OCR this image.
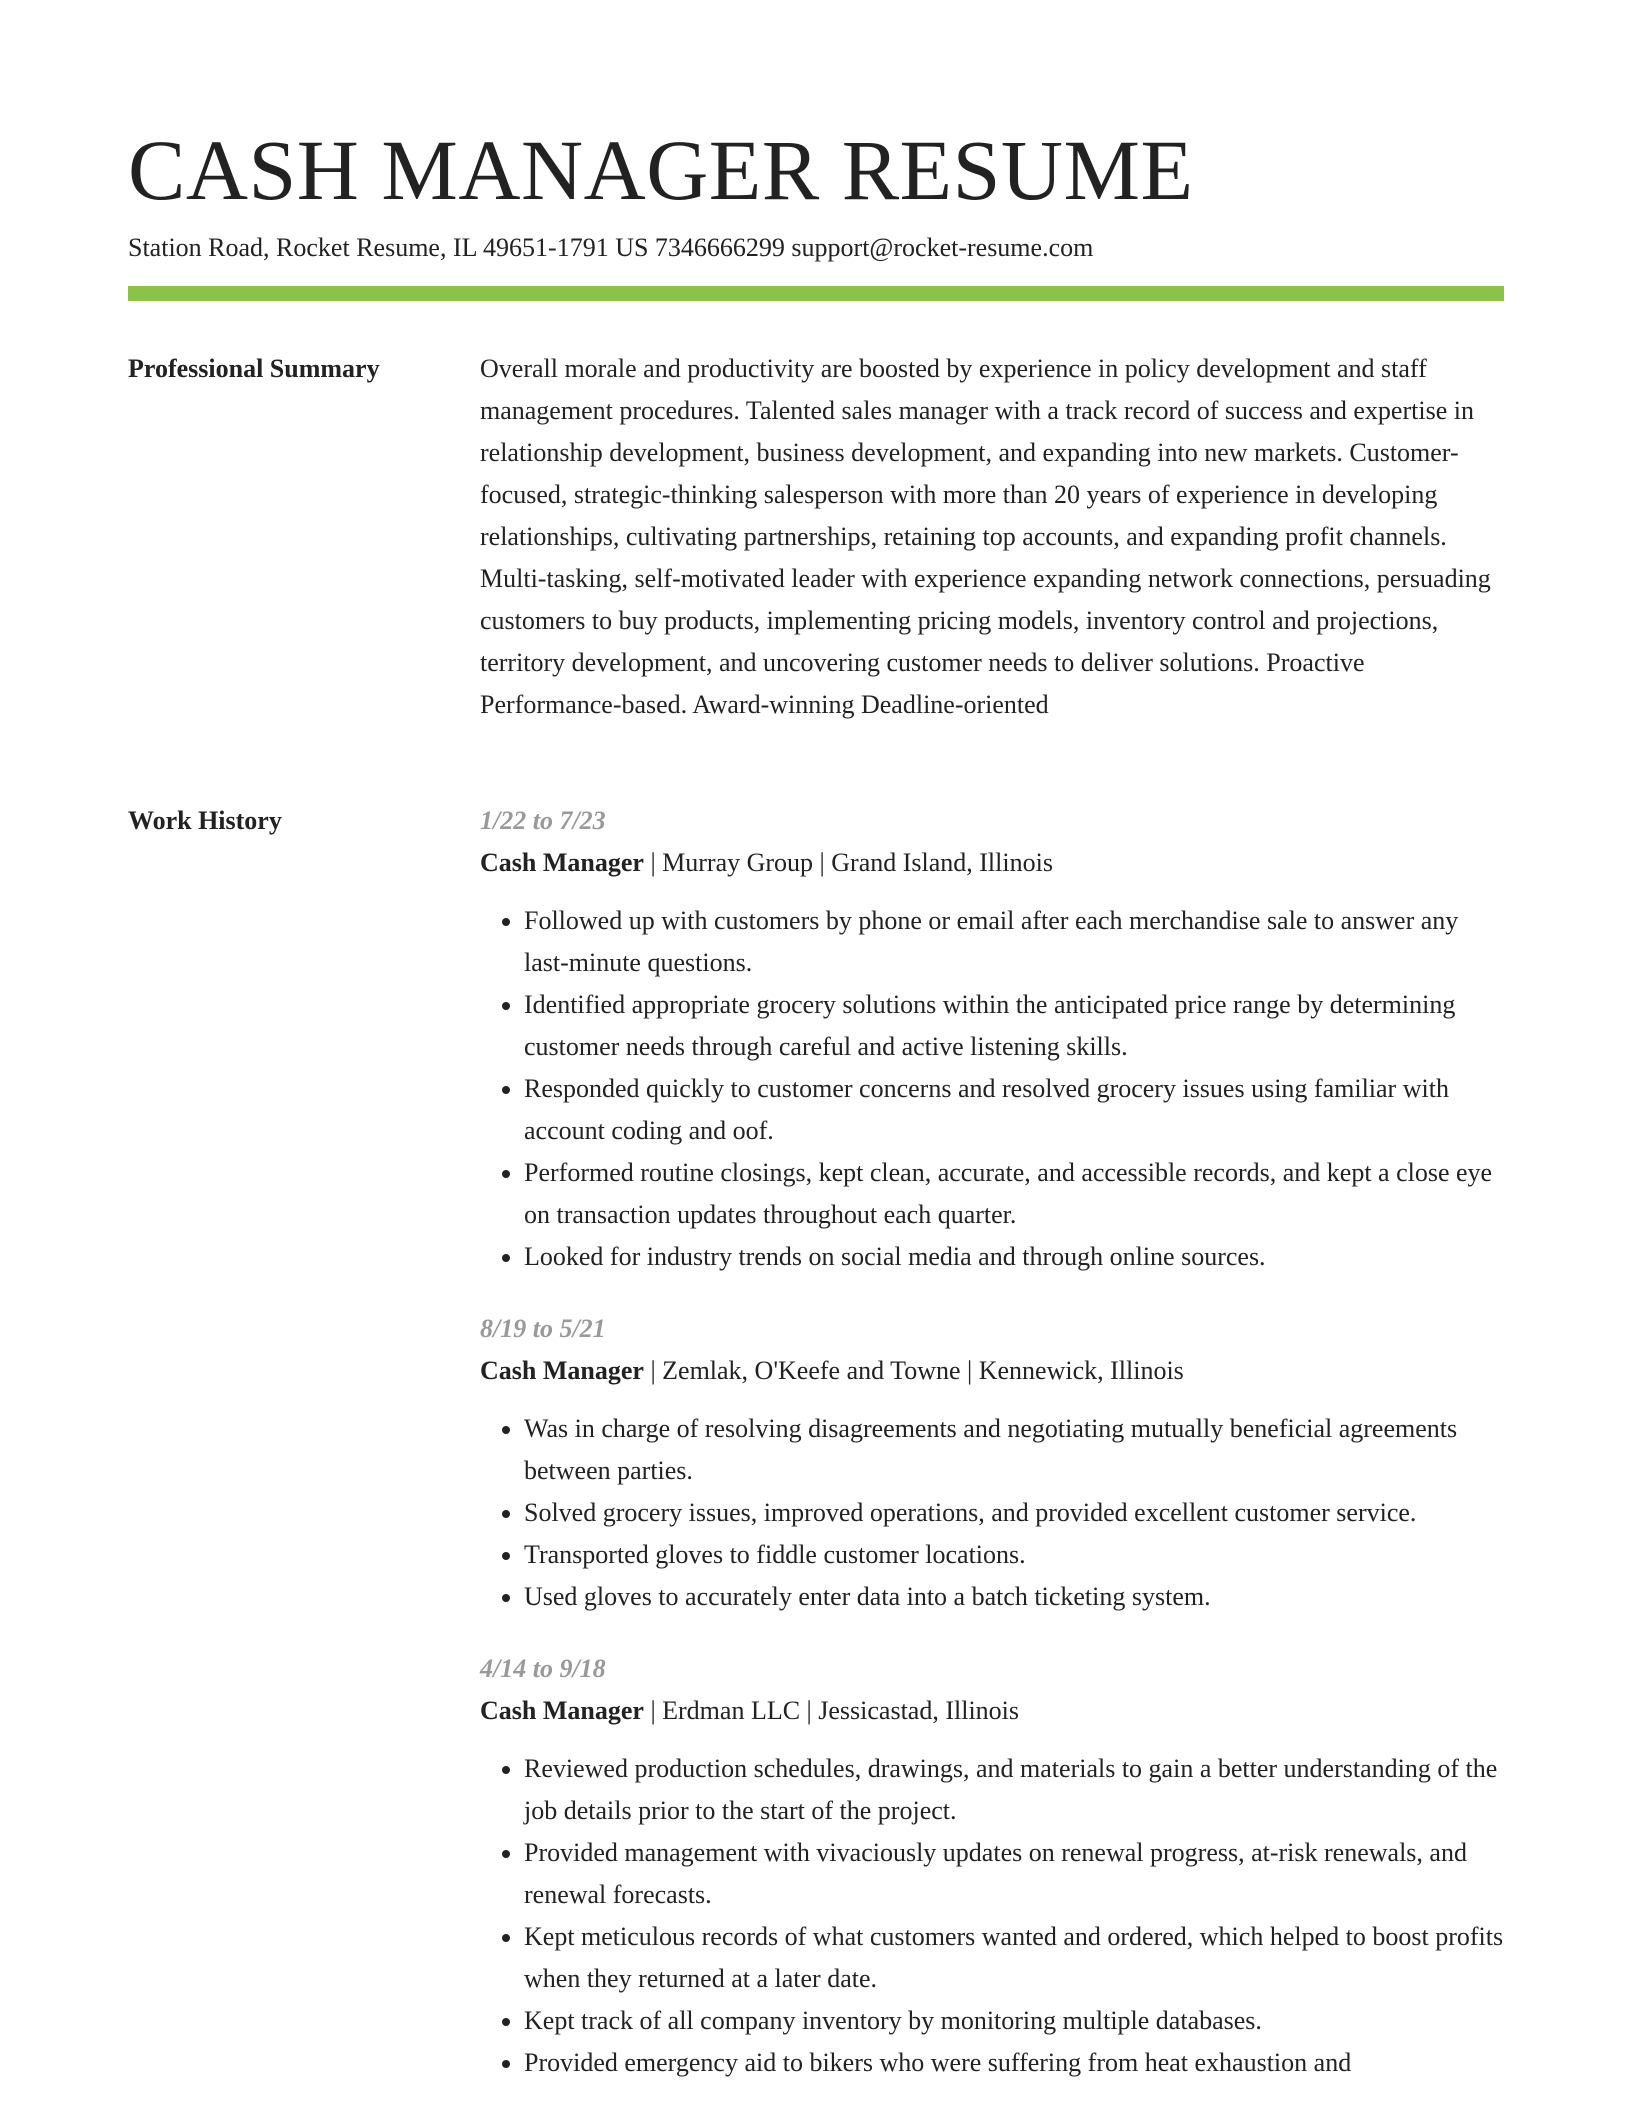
CASH MANAGER RESUME
Station Road, Rocket Resume, IL 49651-1791 US 7346666299 support@rocket-resume.com
Professional Summary	Overall morale and productivity are boosted by experience in policy development and staff management procedures. Talented sales manager with a track record of success and expertise in relationship development, business development, and expanding into new markets. Customer-focused, strategic-thinking salesperson with more than 20 years of experience in developing relationships, cultivating partnerships, retaining top accounts, and expanding profit channels. Multi-tasking, self-motivated leader with experience expanding network connections, persuading customers to buy products, implementing pricing models, inventory control and projections, territory development, and uncovering customer needs to deliver solutions. Proactive Performance-based. Award-winning Deadline-oriented

Work History	1/22 to 7/23
Cash Manager | Murray Group | Grand Island, Illinois
• Followed up with customers by phone or email after each merchandise sale to answer any last-minute questions.
• Identified appropriate grocery solutions within the anticipated price range by determining customer needs through careful and active listening skills.
• Responded quickly to customer concerns and resolved grocery issues using familiar with account coding and oof.
• Performed routine closings, kept clean, accurate, and accessible records, and kept a close eye on transaction updates throughout each quarter.
• Looked for industry trends on social media and through online sources.
8/19 to 5/21
Cash Manager | Zemlak, O'Keefe and Towne | Kennewick, Illinois
• Was in charge of resolving disagreements and negotiating mutually beneficial agreements between parties.
• Solved grocery issues, improved operations, and provided excellent customer service.
• Transported gloves to fiddle customer locations.
• Used gloves to accurately enter data into a batch ticketing system.
4/14 to 9/18
Cash Manager | Erdman LLC | Jessicastad, Illinois
• Reviewed production schedules, drawings, and materials to gain a better understanding of the job details prior to the start of the project.
• Provided management with vivaciously updates on renewal progress, at-risk renewals, and renewal forecasts.
• Kept meticulous records of what customers wanted and ordered, which helped to boost profits when they returned at a later date.
• Kept track of all company inventory by monitoring multiple databases.
• Provided emergency aid to bikers who were suffering from heat exhaustion and
